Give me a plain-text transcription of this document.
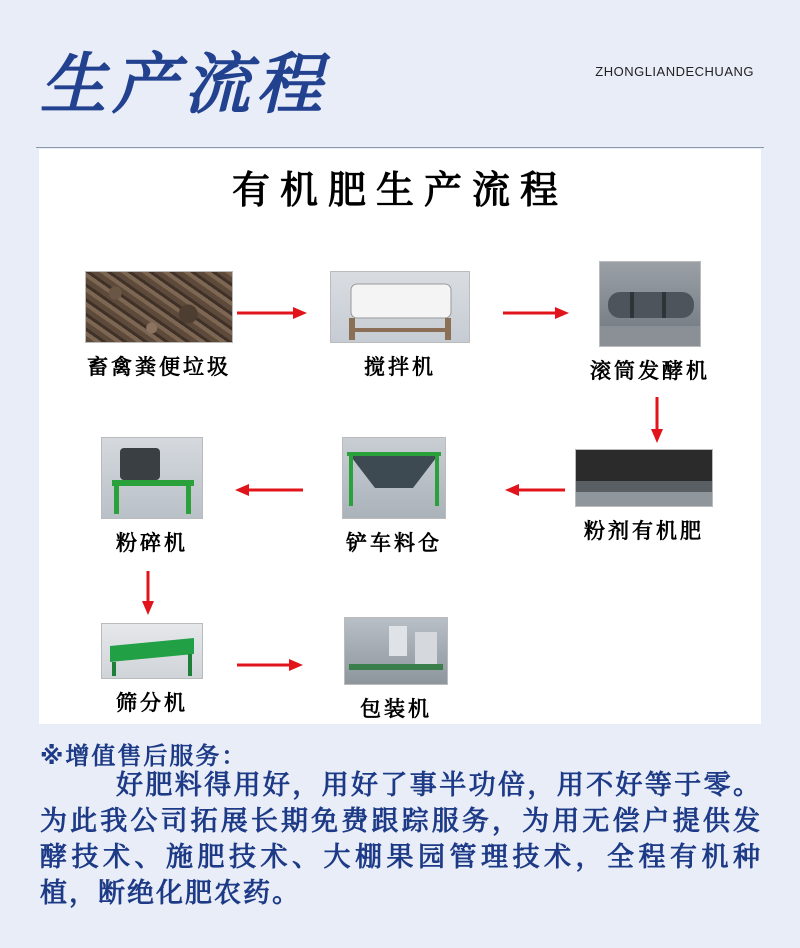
生产流程	ZHONGLIANDECHUANG
有机肥生产流程
畜禽粪便垃圾	搅拌机	滚筒发酵机
粉剂有机肥
铲车料仓
粉碎机
筛分机	包装机
※增值售后服务：

好肥料得用好，用好了事半功倍，用不好等于零。为此我公司拓展长期免费跟踪服务，为用无偿户提供发酵技术、施肥技术、大棚果园管理技术，全程有机种植，断绝化肥农药。
